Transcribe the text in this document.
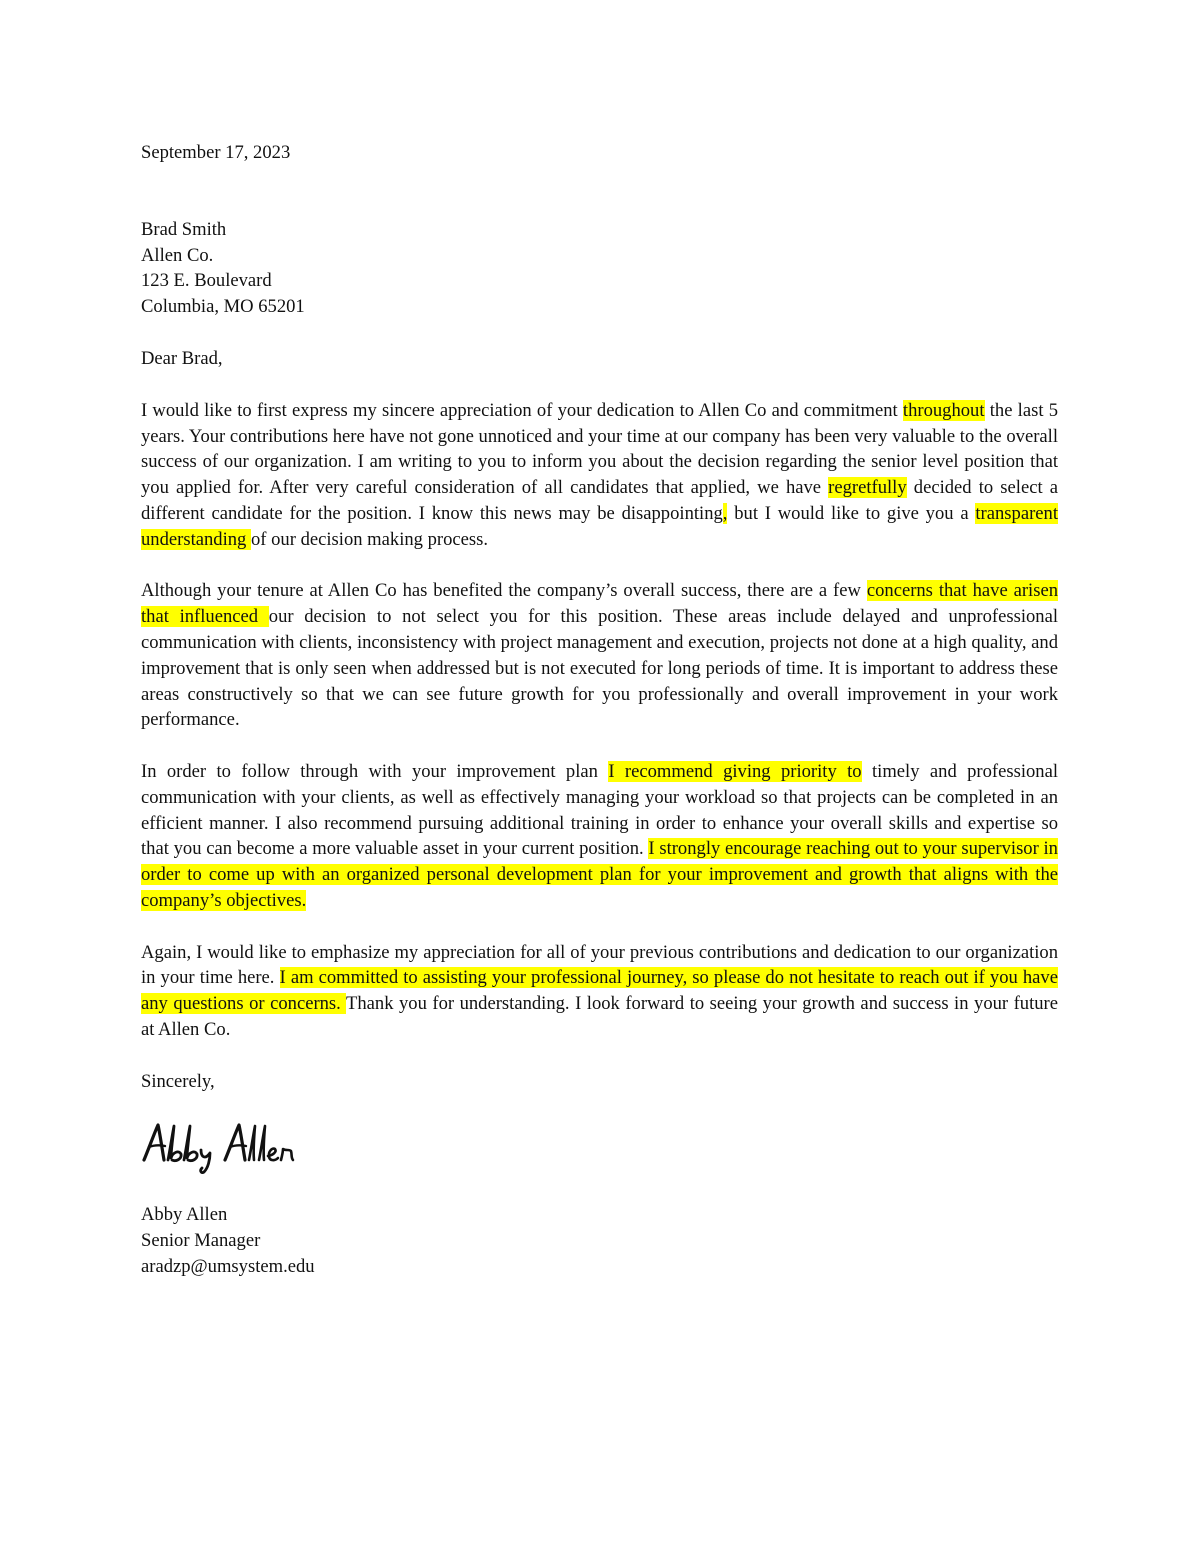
September 17, 2023
Brad Smith
Allen Co.
123 E. Boulevard
Columbia, MO 65201
Dear Brad,

I would like to first express my sincere appreciation of your dedication to Allen Co and commitment throughout the last 5 years. Your contributions here have not gone unnoticed and your time at our company has been very valuable to the overall success of our organization. I am writing to you to inform you about the decision regarding the senior level position that you applied for. After very careful consideration of all candidates that applied, we have regretfully decided to select a different candidate for the position. I know this news may be disappointing, but I would like to give you a transparent understanding of our decision making process.

Although your tenure at Allen Co has benefited the company’s overall success, there are a few concerns that have arisen that influenced our decision to not select you for this position. These areas include delayed and unprofessional communication with clients, inconsistency with project management and execution, projects not done at a high quality, and improvement that is only seen when addressed but is not executed for long periods of time. It is important to address these areas constructively so that we can see future growth for you professionally and overall improvement in your work performance.

In order to follow through with your improvement plan I recommend giving priority to timely and professional communication with your clients, as well as effectively managing your workload so that projects can be completed in an efficient manner. I also recommend pursuing additional training in order to enhance your overall skills and expertise so that you can become a more valuable asset in your current position. I strongly encourage reaching out to your supervisor in order to come up with an organized personal development plan for your improvement and growth that aligns with the company’s objectives.

Again, I would like to emphasize my appreciation for all of your previous contributions and dedication to our organization in your time here. I am committed to assisting your professional journey, so please do not hesitate to reach out if you have any questions or concerns. Thank you for understanding. I look forward to seeing your growth and success in your future at Allen Co.

Sincerely,
Abby Allen
Senior Manager
aradzp@umsystem.edu
